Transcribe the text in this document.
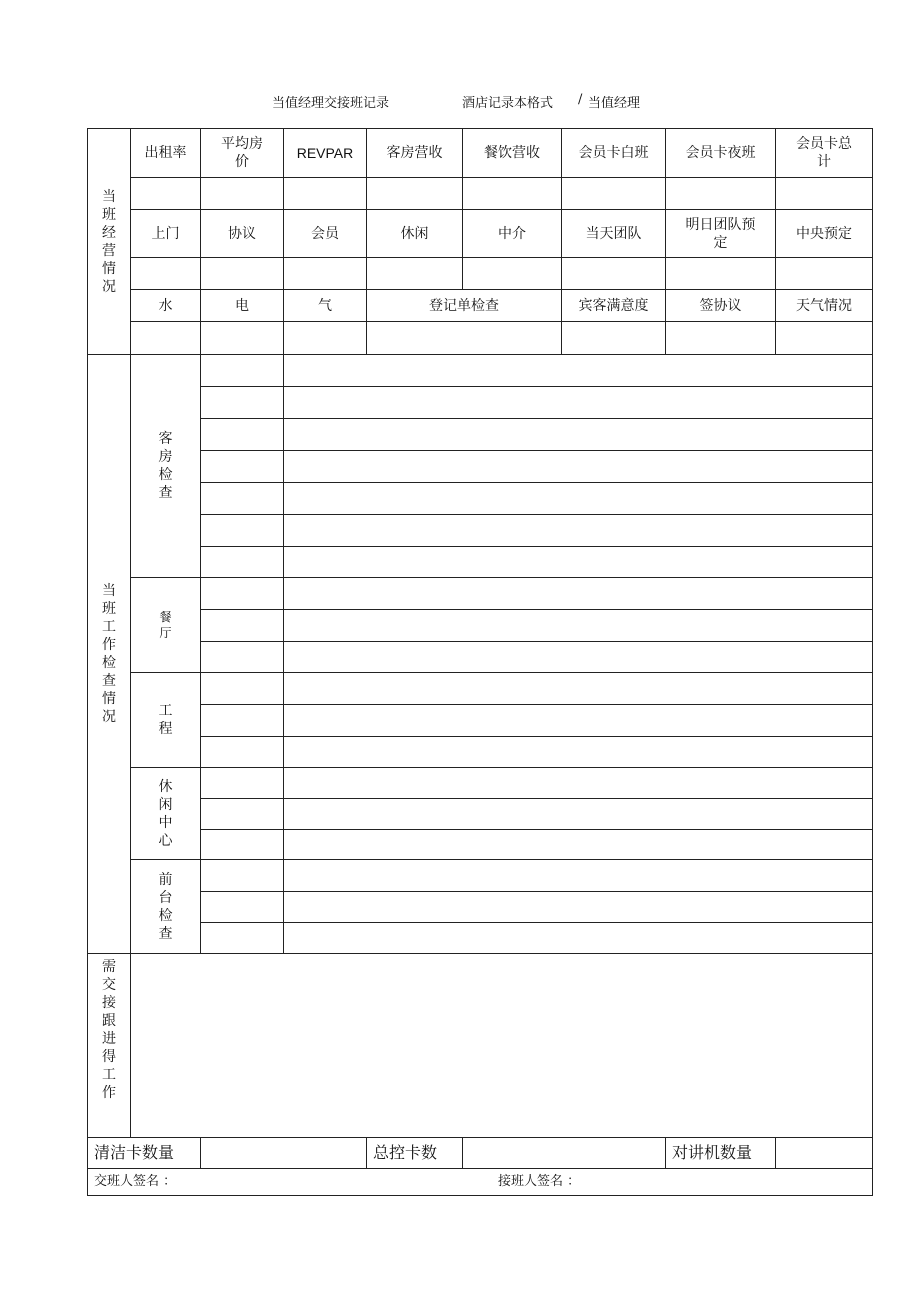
当值经理交接班记录	酒店记录本格式 / 当值经理
当班经营情况	出租率	平均房价	REVPAR	客房营收	餐饮营收	会员卡白班	会员卡夜班	会员卡总计

	上门	协议	会员	休闲	中介	当天团队	明日团队预定	中央预定

	水	电	气	登记单检查		宾客满意度	签协议	天气情况

当班工作检查情况	客房检查							

	餐厅							

	工程							

	休闲中心							

	前台检查							

需交接跟进得工作								
清洁卡数量				总控卡数			对讲机数量	
交班人签名 ： 接班人签名 ：								
